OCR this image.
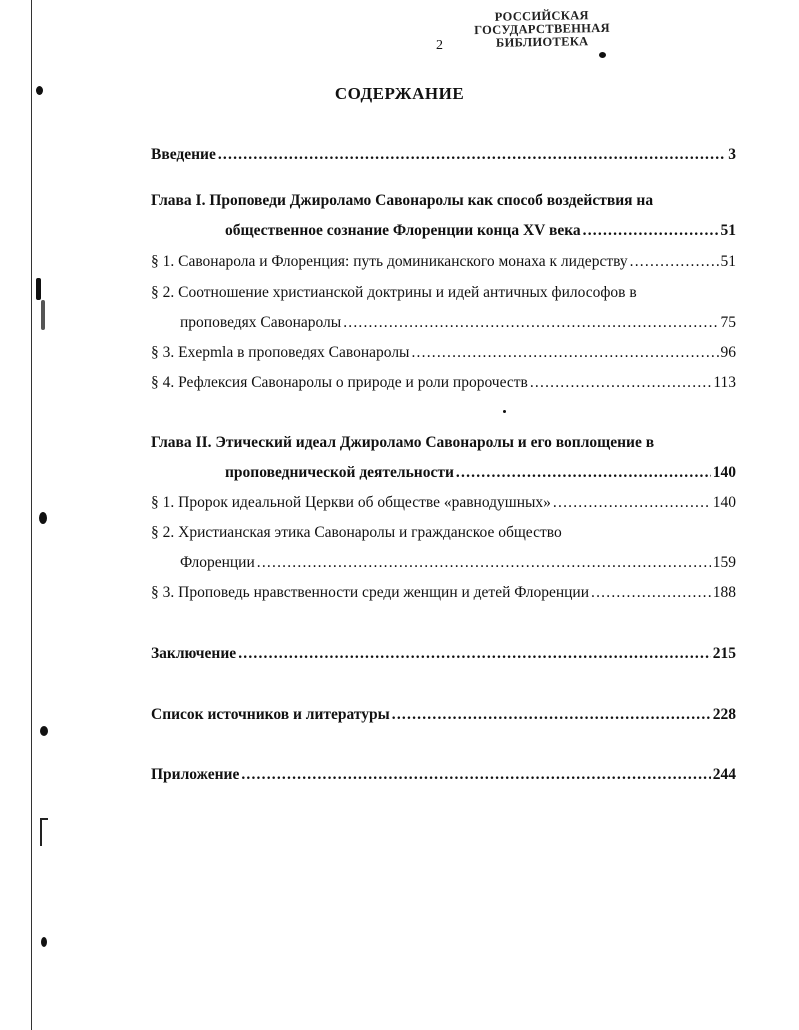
РОССИЙСКАЯ
ГОСУДАРСТВЕННАЯ
БИБЛИОТЕКА
2
СОДЕРЖАНИЕ
Введение .....	3
Глава I. Проповеди Джироламо Савонаролы как способ воздействия на
общественное сознание Флоренции конца XV века .....	51
§ 1. Савонарола и Флоренция: путь доминиканского монаха к лидерству .....	51
§ 2. Соотношение христианской доктрины и идей античных философов в
проповедях Савонаролы .....	75
§ 3. Exepmla в проповедях Савонаролы .....	96
§ 4. Рефлексия Савонаролы о природе и роли пророчеств .....	113
Глава II. Этический идеал Джироламо Савонаролы и его воплощение в
проповеднической деятельности .....	140
§ 1. Пророк идеальной Церкви об обществе «равнодушных» .....	140
§ 2. Христианская этика Савонаролы и гражданское общество
Флоренции .....	159
§ 3. Проповедь нравственности среди женщин и детей Флоренции .....	188
Заключение .....	215
Список источников и литературы .....	228
Приложение .....	244
